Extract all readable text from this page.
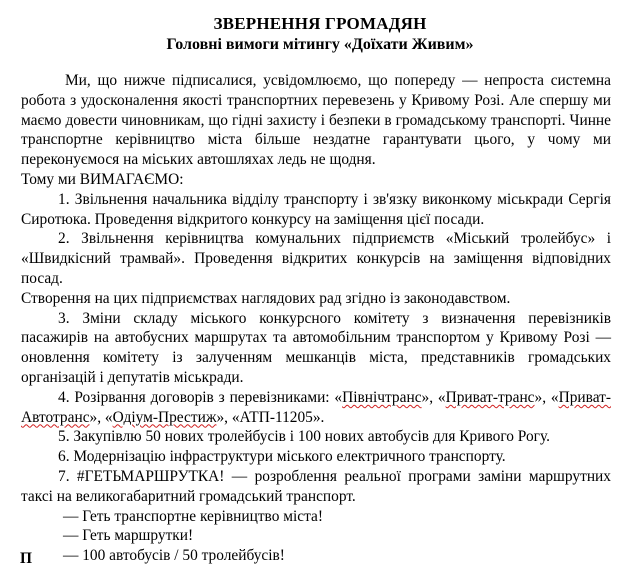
ЗВЕРНЕННЯ ГРОМАДЯН
Головні вимоги мітингу «Доїхати Живим»

Ми, що нижче підписалися, усвідомлюємо, що попереду — непроста системна

робота з удосконалення якості транспортних перевезень у Кривому Розі. Але спершу ми

маємо довести чиновникам, що гідні захисту і безпеки в громадському транспорті. Чинне

транспортне керівництво міста більше нездатне гарантувати цього, у чому ми

переконуємося на міських автошляхах ледь не щодня.

Тому ми ВИМАГАЄМО:

1. Звільнення начальника відділу транспорту і зв'язку виконкому міськради Сергія

Сиротюка. Проведення відкритого конкурсу на заміщення цієї посади.

2. Звільнення керівництва комунальних підприємств «Міський тролейбус» і

«Швидкісний трамвай». Проведення відкритих конкурсів на заміщення відповідних посад.

Створення на цих підприємствах наглядових рад згідно із законодавством.

3. Зміни складу міського конкурсного комітету з визначення перевізників

пасажирів на автобусних маршрутах та автомобільним транспортом у Кривому Розі —

оновлення комітету із залученням мешканців міста, представників громадських

організацій і депутатів міськради.

4. Розірвання договорів з перевізниками: «Північтранс», «Приват-транс», «Приват-

Автотранс», «Одіум-Престиж», «АТП-11205».

5. Закупівлю 50 нових тролейбусів і 100 нових автобусів для Кривого Рогу.

6. Модернізацію інфраструктури міського електричного транспорту.

7. #ГЕТЬМАРШРУТКА! — розроблення реальної програми заміни маршрутних

таксі на великогабаритний громадський транспорт.

— Геть транспортне керівництво міста!

— Геть маршрутки!

— 100 автобусів / 50 тролейбусів!

П
